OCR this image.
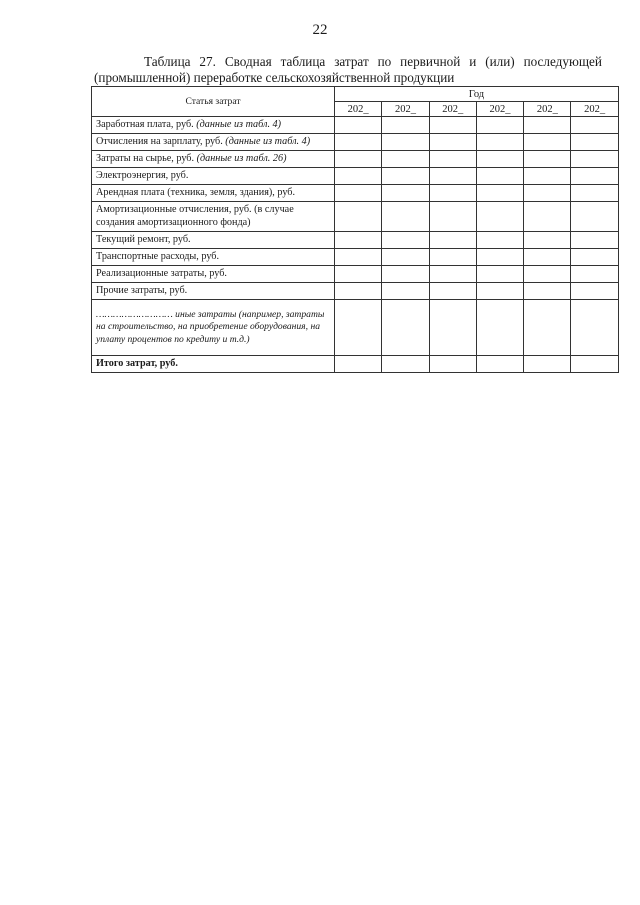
22
Таблица 27. Сводная таблица затрат по первичной и (или) последующей
(промышленной) переработке сельскохозяйственной продукции
Статья затрат	Год					
	202_	202_	202_	202_	202_	202_
Заработная плата, руб. (данные из табл. 4)						
Отчисления на зарплату, руб. (данные из табл. 4)						
Затраты на сырье, руб. (данные из табл. 26)						
Электроэнергия, руб.						
Арендная плата (техника, земля, здания), руб.						
Амортизационные отчисления, руб. (в случае создания амортизационного фонда)						
Текущий ремонт, руб.						
Транспортные расходы, руб.						
Реализационные затраты, руб.						
Прочие затраты, руб.						
……………………… иные затраты (например, затраты на строительство, на приобретение оборудования, на уплату процентов по кредиту и т.д.)						
Итого затрат, руб.						
